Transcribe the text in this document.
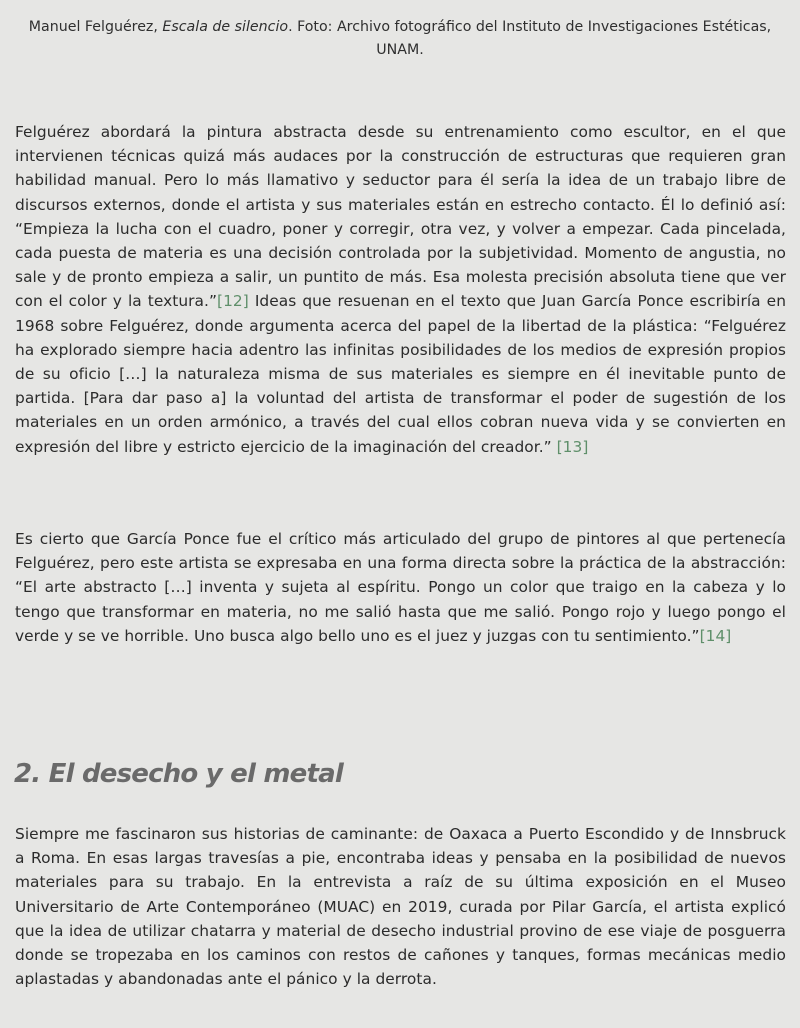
Manuel Felguérez, Escala de silencio. Foto: Archivo fotográfico del Instituto de Investigaciones Estéticas, UNAM.

Felguérez abordará la pintura abstracta desde su entrenamiento como escultor, en el que intervienen técnicas quizá más audaces por la construcción de estructuras que requieren gran habilidad manual. Pero lo más llamativo y seductor para él sería la idea de un trabajo libre de discursos externos, donde el artista y sus materiales están en estrecho contacto. Él lo definió así: “Empieza la lucha con el cuadro, poner y corregir, otra vez, y volver a empezar. Cada pincelada, cada puesta de materia es una decisión controlada por la subjetividad. Momento de angustia, no sale y de pronto empieza a salir, un puntito de más. Esa molesta precisión absoluta tiene que ver con el color y la textura.”[12] Ideas que resuenan en el texto que Juan García Ponce escribiría en 1968 sobre Felguérez, donde argumenta acerca del papel de la libertad de la plástica: “Felguérez ha explorado siempre hacia adentro las infinitas posibilidades de los medios de expresión propios de su oficio […] la naturaleza misma de sus materiales es siempre en él inevitable punto de partida. [Para dar paso a] la voluntad del artista de transformar el poder de sugestión de los materiales en un orden armónico, a través del cual ellos cobran nueva vida y se convierten en expresión del libre y estricto ejercicio de la imaginación del creador.” [13]

Es cierto que García Ponce fue el crítico más articulado del grupo de pintores al que pertenecía Felguérez, pero este artista se expresaba en una forma directa sobre la práctica de la abstracción: “El arte abstracto […] inventa y sujeta al espíritu. Pongo un color que traigo en la cabeza y lo tengo que transformar en materia, no me salió hasta que me salió. Pongo rojo y luego pongo el verde y se ve horrible. Uno busca algo bello uno es el juez y juzgas con tu sentimiento.”[14]

2. El desecho y el metal

Siempre me fascinaron sus historias de caminante: de Oaxaca a Puerto Escondido y de Innsbruck a Roma. En esas largas travesías a pie, encontraba ideas y pensaba en la posibilidad de nuevos materiales para su trabajo. En la entrevista a raíz de su última exposición en el Museo Universitario de Arte Contemporáneo (MUAC) en 2019, curada por Pilar García, el artista explicó que la idea de utilizar chatarra y material de desecho industrial provino de ese viaje de posguerra donde se tropezaba en los caminos con restos de cañones y tanques, formas mecánicas medio aplastadas y abandonadas ante el pánico y la derrota.
